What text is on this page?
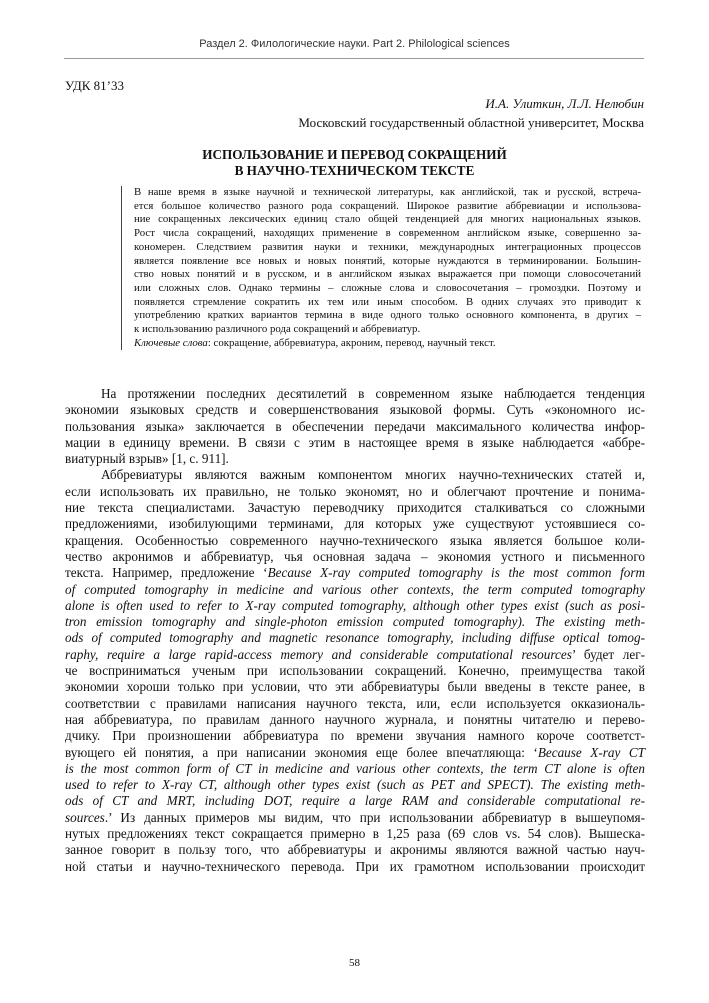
Раздел 2. Филологические науки. Part 2. Philological sciences
УДК 81’33
И.А. Улиткин, Л.Л. Нелюбин
Московский государственный областной университет, Москва
ИСПОЛЬЗОВАНИЕ И ПЕРЕВОД СОКРАЩЕНИЙ
В НАУЧНО-ТЕХНИЧЕСКОМ ТЕКСТЕ
В наше время в языке научной и технической литературы, как английской, так и русской, встреча-
ется большое количество разного рода сокращений. Широкое развитие аббревиации и использова-
ние сокращенных лексических единиц стало общей тенденцией для многих национальных языков.
Рост числа сокращений, находящих применение в современном английском языке, совершенно за-
кономерен. Следствием развития науки и техники, международных интеграционных процессов
является появление все новых и новых понятий, которые нуждаются в терминировании. Большин-
ство новых понятий и в русском, и в английском языках выражается при помощи словосочетаний
или сложных слов. Однако термины – сложные слова и словосочетания – громоздки. Поэтому и
появляется стремление сократить их тем или иным способом. В одних случаях это приводит к
употреблению кратких вариантов термина в виде одного только основного компонента, в других –
к использованию различного рода сокращений и аббревиатур.
Ключевые слова: сокращение, аббревиатура, акроним, перевод, научный текст.
На протяжении последних десятилетий в современном языке наблюдается тенденция
экономии языковых средств и совершенствования языковой формы. Суть «экономного ис-
пользования языка» заключается в обеспечении передачи максимального количества инфор-
мации в единицу времени. В связи с этим в настоящее время в языке наблюдается «аббре-
виатурный взрыв» [1, с. 911].
Аббревиатуры являются важным компонентом многих научно-технических статей и,
если использовать их правильно, не только экономят, но и облегчают прочтение и понима-
ние текста специалистами. Зачастую переводчику приходится сталкиваться со сложными
предложениями, изобилующими терминами, для которых уже существуют устоявшиеся со-
кращения. Особенностью современного научно-технического языка является большое коли-
чество акронимов и аббревиатур, чья основная задача – экономия устного и письменного
текста. Например, предложение ‘Because X-ray computed tomography is the most common form
of computed tomography in medicine and various other contexts, the term computed tomography
alone is often used to refer to X-ray computed tomography, although other types exist (such as posi-
tron emission tomography and single-photon emission computed tomography). The existing meth-
ods of computed tomography and magnetic resonance tomography, including diffuse optical tomog-
raphy, require a large rapid-access memory and considerable computational resources’ будет лег-
че восприниматься ученым при использовании сокращений. Конечно, преимущества такой
экономии хороши только при условии, что эти аббревиатуры были введены в тексте ранее, в
соответствии с правилами написания научного текста, или, если используется окказиональ-
ная аббревиатура, по правилам данного научного журнала, и понятны читателю и перево-
дчику. При произношении аббревиатура по времени звучания намного короче соответст-
вующего ей понятия, а при написании экономия еще более впечатляюща: ‘Because X-ray CT
is the most common form of CT in medicine and various other contexts, the term CT alone is often
used to refer to X-ray CT, although other types exist (such as PET and SPECT). The existing meth-
ods of CT and MRT, including DOT, require a large RAM and considerable computational re-
sources.’ Из данных примеров мы видим, что при использовании аббревиатур в вышеупомя-
нутых предложениях текст сокращается примерно в 1,25 раза (69 слов vs. 54 слов). Вышеска-
занное говорит в пользу того, что аббревиатуры и акронимы являются важной частью науч-
ной статьи и научно-технического перевода. При их грамотном использовании происходит
58
